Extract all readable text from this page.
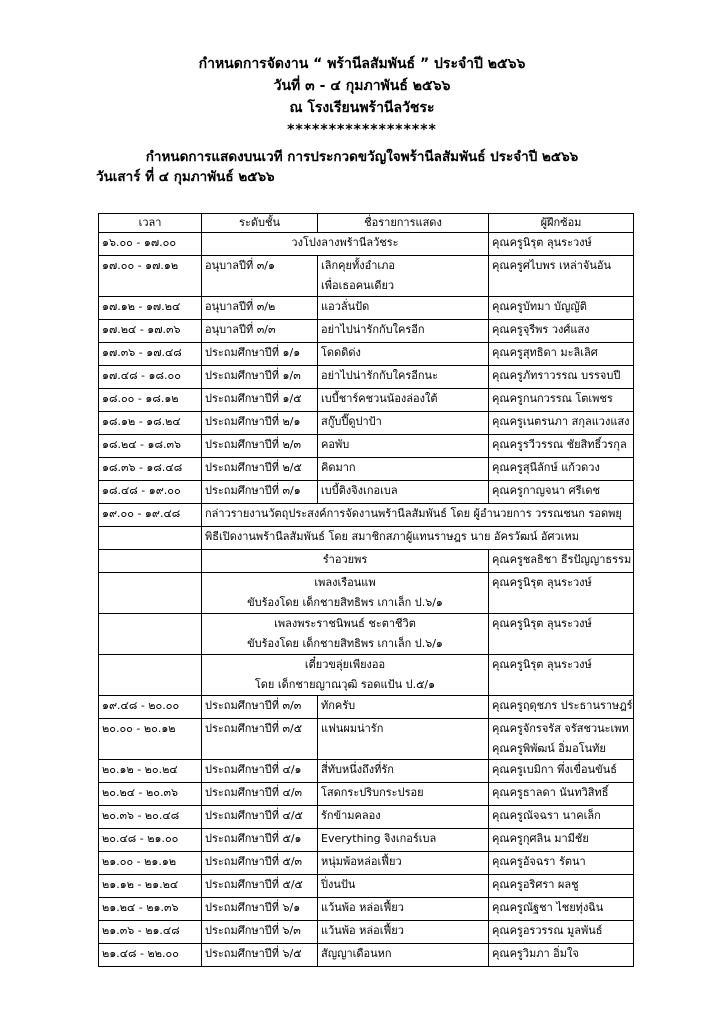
กำหนดการจัดงาน “ พร้านีลสัมพันธ์ ” ประจำปี ๒๕๖๖
วันที่ ๓ - ๔ กุมภาพันธ์ ๒๕๖๖
ณ โรงเรียนพร้านีลวัชระ
******************
กำหนดการแสดงบนเวที การประกวดขวัญใจพร้านีลสัมพันธ์ ประจำปี ๒๕๖๖
วันเสาร์ ที่ ๔ กุมภาพันธ์ ๒๕๖๖
เวลา	ระดับชั้น	ชื่อรายการแสดง	ผู้ฝึกซ้อม
๑๖.๐๐ - ๑๗.๐๐	วงโปงลางพร้านีลวัชระ		คุณครูนิรุต ลุนระวงษ์

๑๗.๐๐ - ๑๗.๑๒	อนุบาลปีที่ ๓/๑	เลิกคุยทั้งอำเภอ
เพื่อเธอคนเดียว	คุณครูศไบพร เหล่าจันอัน

๑๗.๑๒ - ๑๗.๒๔	อนุบาลปีที่ ๓/๒	แอวลั่นปัด	คุณครูบัทมา บัญญัติ

๑๗.๒๔ - ๑๗.๓๖	อนุบาลปีที่ ๓/๓	อย่าไปน่ารักกับใครอีก	คุณครูจุรีพร วงศ์แสง

๑๗.๓๖ - ๑๗.๔๘	ประถมศึกษาปีที่ ๑/๑	โดดดิด่ง	คุณครูสุทธิดา มะลิเลิศ

๑๗.๔๘ - ๑๘.๐๐	ประถมศึกษาปีที่ ๑/๓	อย่าไปน่ารักกับใครอีกนะ	คุณครูภัทราวรรณ บรรจบปี

๑๘.๐๐ - ๑๘.๑๒	ประถมศึกษาปีที่ ๑/๕	เบบี้ชาร์คชวนน้องล่องใต้	คุณครูกนกวรรณ โตเพชร

๑๘.๑๒ - ๑๘.๒๔	ประถมศึกษาปีที่ ๒/๑	สกู๊บปี๊ดูปาป้า	คุณครูเนตรนภา สกุลแวงแสง

๑๘.๒๔ - ๑๘.๓๖	ประถมศึกษาปีที่ ๒/๓	คอพับ	คุณครูรวีวรรณ ชัยสิทธิ์วรกุล

๑๘.๓๖ - ๑๘.๔๘	ประถมศึกษาปีที่ ๒/๕	คิดมาก	คุณครูสุนีลักษ์ แก้วดวง

๑๘.๔๘ - ๑๙.๐๐	ประถมศึกษาปีที่ ๓/๑	เบบี้ติงจิงเกอเบล	คุณครูกาญจนา ศรีเดช

๑๙.๐๐ - ๑๙.๔๘	กล่าวรายงานวัตถุประสงค์การจัดงานพร้านีลสัมพันธ์ โดย ผู้อำนวยการ วรรณชนก รอดพยุ		

	พิธีเปิดงานพร้านีลสัมพันธ์ โดย สมาชิกสภาผู้แทนราษฎร นาย อัครวัฒน์ อัศวเหม		

	รำอวยพร		คุณครูชลธิชา ธีรปัญญาธรรม

	เพลงเรือนแพ
ขับร้องโดย เด็กชายสิทธิพร เกาเล็ก ป.๖/๑		คุณครูนิรุต ลุนระวงษ์

	เพลงพระราชนิพนธ์ ชะตาชีวิต
ขับร้องโดย เด็กชายสิทธิพร เกาเล็ก ป.๖/๑		คุณครูนิรุต ลุนระวงษ์

	เตี๋ยวขลุ่ยเพียงออ
โดย เด็กชายญาณวุฒิ รอดแป้น ป.๕/๑		คุณครูนิรุต ลุนระวงษ์

๑๙.๔๘ - ๒๐.๐๐	ประถมศึกษาปีที่ ๓/๓	ทักครับ	คุณครูฤดุชภร ประธานราษฎร์

๒๐.๐๐ - ๒๐.๑๒	ประถมศึกษาปีที่ ๓/๕	แฟนผมน่ารัก	คุณครูจักรจรัส จรัสชวนะเพท
คุณครูพิพัฒน์ อิ่มอโนทัย

๒๐.๑๒ - ๒๐.๒๔	ประถมศึกษาปีที่ ๔/๑	สี่ทับหนึ่งถึงที่รัก	คุณครูเบมิกา พึ่งเขื่อนขันธ์

๒๐.๒๔ - ๒๐.๓๖	ประถมศึกษาปีที่ ๔/๓	โสดกระปริบกระปรอย	คุณครูธาลดา นันทวิสิทธิ์

๒๐.๓๖ - ๒๐.๔๘	ประถมศึกษาปีที่ ๔/๕	รักข้ามคลอง	คุณครูณัจฉรา นาคเล็ก

๒๐.๔๘ - ๒๑.๐๐	ประถมศึกษาปีที่ ๕/๑	Everything จิงเกอร์เบล	คุณครูกุศลิน มามีชัย

๒๑.๐๐ - ๒๑.๑๒	ประถมศึกษาปีที่ ๕/๓	หนุ่มพ้อหล่อเฟี้ยว	คุณครูอัจฉรา รัตนา

๒๑.๑๒ - ๒๑.๒๔	ประถมศึกษาปีที่ ๕/๕	ปิ่งนปัน	คุณครูอริศรา ผลชู

๒๑.๒๔ - ๒๑.๓๖	ประถมศึกษาปีที่ ๖/๑	แว้นพ้อ หล่อเฟี้ยว	คุณครูณัฐชา ไชยทุ่งฉิน

๒๑.๓๖ - ๒๑.๔๘	ประถมศึกษาปีที่ ๖/๓	แว้นพ้อ หล่อเฟี้ยว	คุณครูอรวรรณ มูลพันธ์

๒๑.๔๘ - ๒๒.๐๐	ประถมศึกษาปีที่ ๖/๕	สัญญาเดือนหก	คุณครูวิมภา อิ่มใจ
